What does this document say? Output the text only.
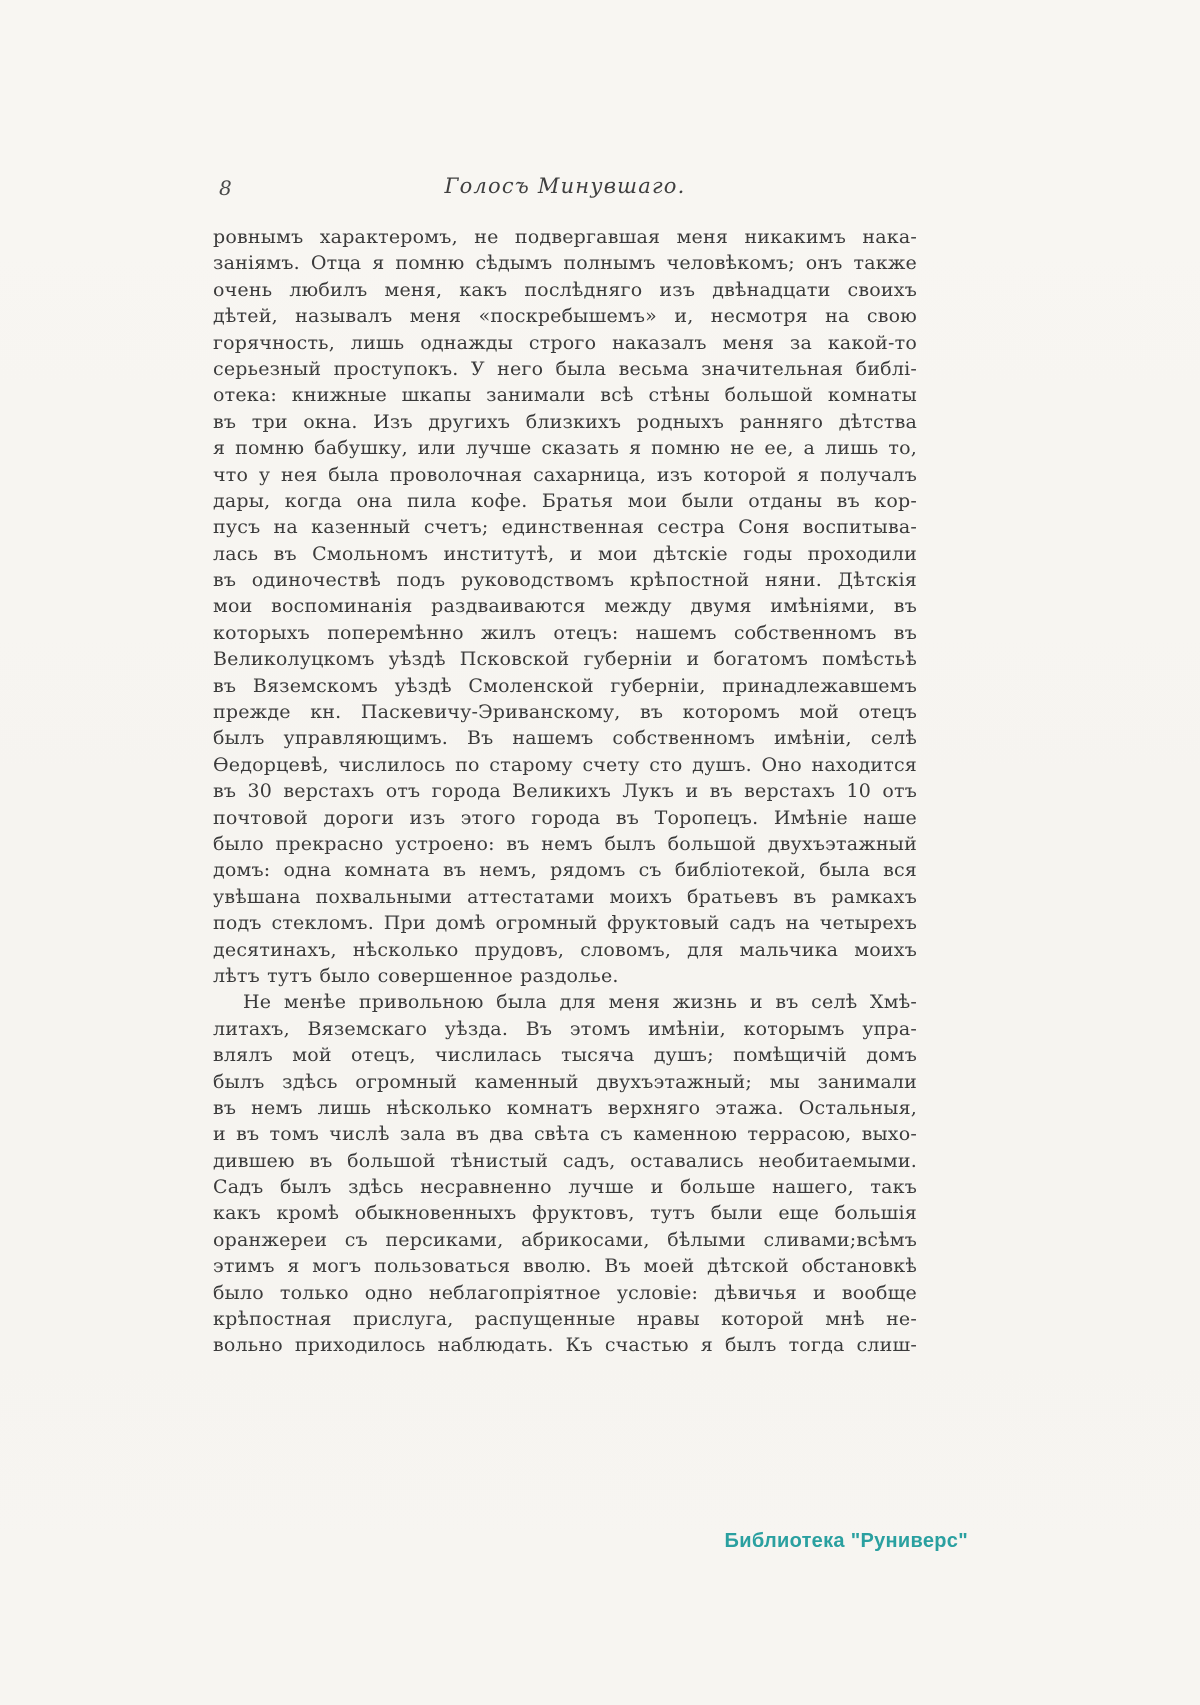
8	Голосъ Минувшаго.
ровнымъ характеромъ, не подвергавшая меня никакимъ нака-
заніямъ. Отца я помню сѣдымъ полнымъ человѣкомъ; онъ также
очень любилъ меня, какъ послѣдняго изъ двѣнадцати своихъ
дѣтей, называлъ меня «поскребышемъ» и, несмотря на свою
горячность, лишь однажды строго наказалъ меня за какой-то
серьезный проступокъ. У него была весьма значительная библі-
отека: книжные шкапы занимали всѣ стѣны большой комнаты
въ три окна. Изъ другихъ близкихъ родныхъ ранняго дѣтства
я помню бабушку, или лучше сказать я помню не ее, а лишь то,
что у нея была проволочная сахарница, изъ которой я получалъ
дары, когда она пила кофе. Братья мои были отданы въ кор-
пусъ на казенный счетъ; единственная сестра Соня воспитыва-
лась въ Смольномъ институтѣ, и мои дѣтскіе годы проходили
въ одиночествѣ подъ руководствомъ крѣпостной няни. Дѣтскія
мои воспоминанія раздваиваются между двумя имѣніями, въ
которыхъ поперемѣнно жилъ отецъ: нашемъ собственномъ въ
Великолуцкомъ уѣздѣ Псковской губерніи и богатомъ помѣстьѣ
въ Вяземскомъ уѣздѣ Смоленской губерніи, принадлежавшемъ
прежде кн. Паскевичу-Эриванскому, въ которомъ мой отецъ
былъ управляющимъ. Въ нашемъ собственномъ имѣніи, селѣ
Ѳедорцевѣ, числилось по старому счету сто душъ. Оно находится
въ 30 верстахъ отъ города Великихъ Лукъ и въ верстахъ 10 отъ
почтовой дороги изъ этого города въ Торопецъ. Имѣніе наше
было прекрасно устроено: въ немъ былъ большой двухъэтажный
домъ: одна комната въ немъ, рядомъ съ библіотекой, была вся
увѣшана похвальными аттестатами моихъ братьевъ въ рамкахъ
подъ стекломъ. При домѣ огромный фруктовый садъ на четырехъ
десятинахъ, нѣсколько прудовъ, словомъ, для мальчика моихъ
лѣтъ тутъ было совершенное раздолье.
Не менѣе привольною была для меня жизнь и въ селѣ Хмѣ-
литахъ, Вяземскаго уѣзда. Въ этомъ имѣніи, которымъ упра-
влялъ мой отецъ, числилась тысяча душъ; помѣщичій домъ
былъ здѣсь огромный каменный двухъэтажный; мы занимали
въ немъ лишь нѣсколько комнатъ верхняго этажа. Остальныя,
и въ томъ числѣ зала въ два свѣта съ каменною террасою, выхо-
дившею въ большой тѣнистый садъ, оставались необитаемыми.
Садъ былъ здѣсь несравненно лучше и больше нашего, такъ
какъ кромѣ обыкновенныхъ фруктовъ, тутъ были еще большія
оранжереи съ персиками, абрикосами, бѣлыми сливами;всѣмъ
этимъ я могъ пользоваться вволю. Въ моей дѣтской обстановкѣ
было только одно неблагопріятное условіе: дѣвичья и вообще
крѣпостная прислуга, распущенные нравы которой мнѣ не-
вольно приходилось наблюдать. Къ счастью я былъ тогда слиш-
Библиотека "Руниверс"
